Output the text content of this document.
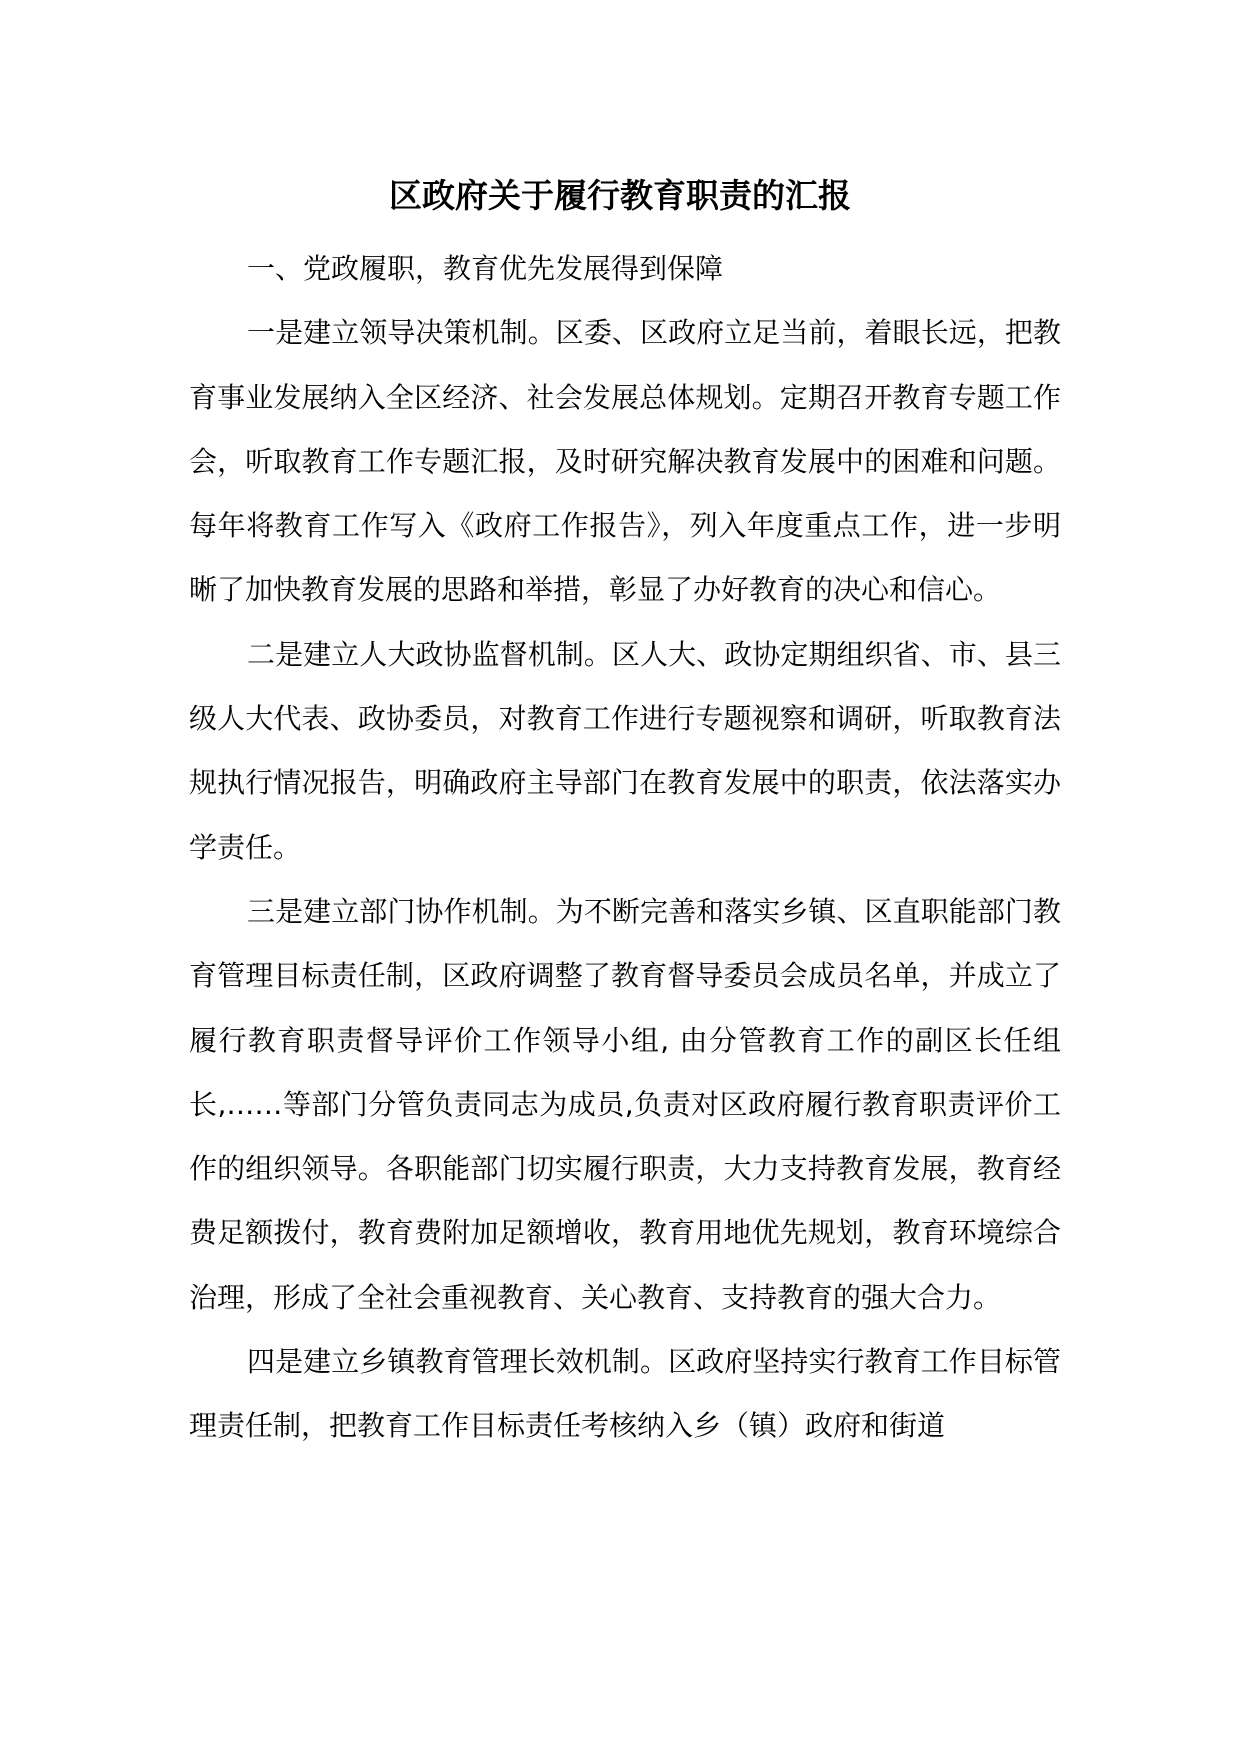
区政府关于履行教育职责的汇报

一、党政履职，教育优先发展得到保障

一是建立领导决策机制。区委、区政府立足当前，着眼长远，把教育事业发展纳入全区经济、社会发展总体规划。定期召开教育专题工作会，听取教育工作专题汇报，及时研究解决教育发展中的困难和问题。每年将教育工作写入《政府工作报告》，列入年度重点工作，进一步明晰了加快教育发展的思路和举措，彰显了办好教育的决心和信心。

二是建立人大政协监督机制。区人大、政协定期组织省、市、县三级人大代表、政协委员，对教育工作进行专题视察和调研，听取教育法规执行情况报告，明确政府主导部门在教育发展中的职责，依法落实办学责任。

三是建立部门协作机制。为不断完善和落实乡镇、区直职能部门教育管理目标责任制，区政府调整了教育督导委员会成员名单，并成立了履行教育职责督导评价工作领导小组, 由分管教育工作的副区长任组长,……等部门分管负责同志为成员,负责对区政府履行教育职责评价工作的组织领导。各职能部门切实履行职责，大力支持教育发展，教育经费足额拨付，教育费附加足额增收，教育用地优先规划，教育环境综合治理，形成了全社会重视教育、关心教育、支持教育的强大合力。

四是建立乡镇教育管理长效机制。区政府坚持实行教育工作目标管理责任制，把教育工作目标责任考核纳入乡（镇）政府和街道
